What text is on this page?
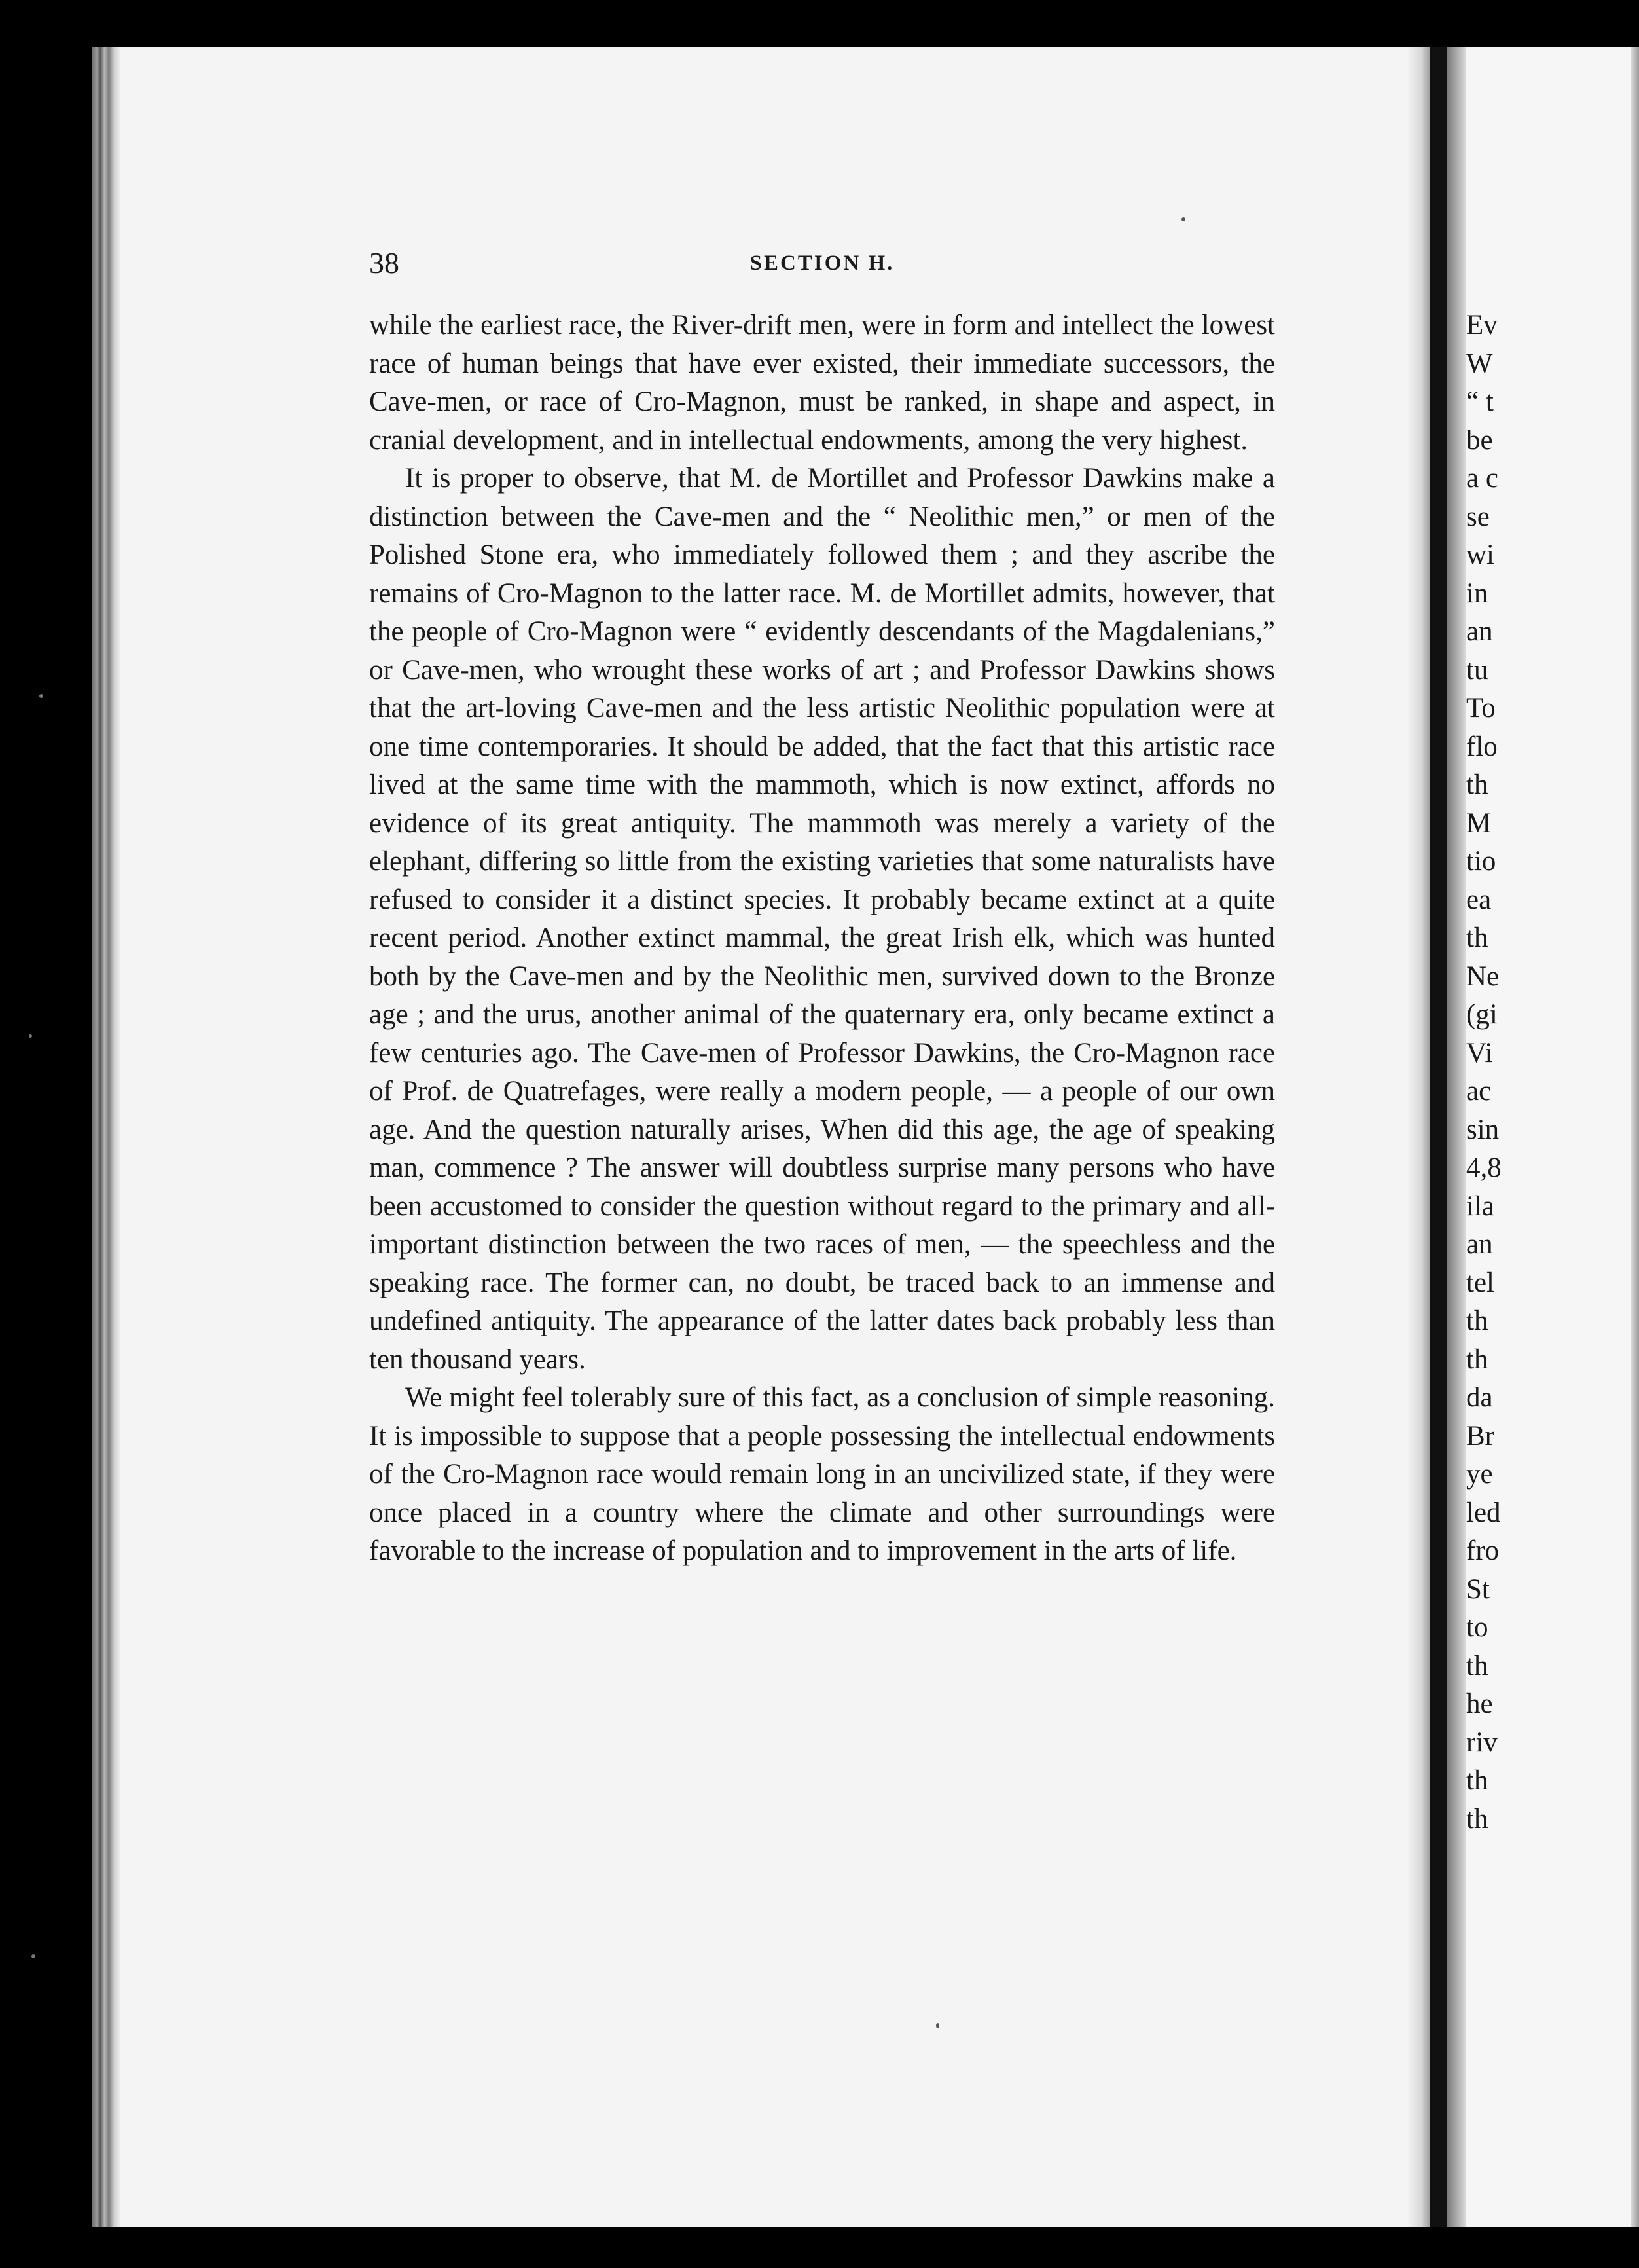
38	SECTION H.

while the earliest race, the River-drift men, were in form and intellect the lowest race of human beings that have ever existed, their immediate successors, the Cave-men, or race of Cro-Magnon, must be ranked, in shape and aspect, in cranial development, and in intellectual endowments, among the very highest.

It is proper to observe, that M. de Mortillet and Professor Dawkins make a distinction between the Cave-men and the “ Neolithic men,” or men of the Polished Stone era, who immediately followed them ; and they ascribe the remains of Cro-Magnon to the latter race. M. de Mortillet admits, however, that the people of Cro-Magnon were “ evidently descendants of the Magdalenians,” or Cave-men, who wrought these works of art ; and Professor Dawkins shows that the art-loving Cave-men and the less artistic Neolithic population were at one time contemporaries. It should be added, that the fact that this artistic race lived at the same time with the mammoth, which is now extinct, affords no evidence of its great antiquity. The mammoth was merely a variety of the elephant, differing so little from the existing varieties that some naturalists have refused to consider it a distinct species. It probably became extinct at a quite recent period. Another extinct mammal, the great Irish elk, which was hunted both by the Cave-men and by the Neolithic men, survived down to the Bronze age ; and the urus, another animal of the quaternary era, only became extinct a few centuries ago. The Cave-men of Professor Dawkins, the Cro-Magnon race of Prof. de Quatrefages, were really a modern people, — a people of our own age. And the question naturally arises, When did this age, the age of speaking man, commence ? The answer will doubtless surprise many persons who have been accustomed to consider the question without regard to the primary and all-important distinction between the two races of men, — the speechless and the speaking race. The former can, no doubt, be traced back to an immense and undefined antiquity. The appearance of the latter dates back probably less than ten thousand years.

We might feel tolerably sure of this fact, as a conclusion of simple reasoning. It is impossible to suppose that a people possessing the intellectual endowments of the Cro-Magnon race would remain long in an uncivilized state, if they were once placed in a country where the climate and other surroundings were favorable to the increase of population and to improvement in the arts of life.

Ev
W
“ t
be
a c
se
wi
in
an
tu
To
flo
th
M
tio
ea
th
Ne
(gi
Vi
ac
sin
4,8
ila
an
tel
th
th
da
Br
ye
led
fro
St
to
th
he
riv
th
th
